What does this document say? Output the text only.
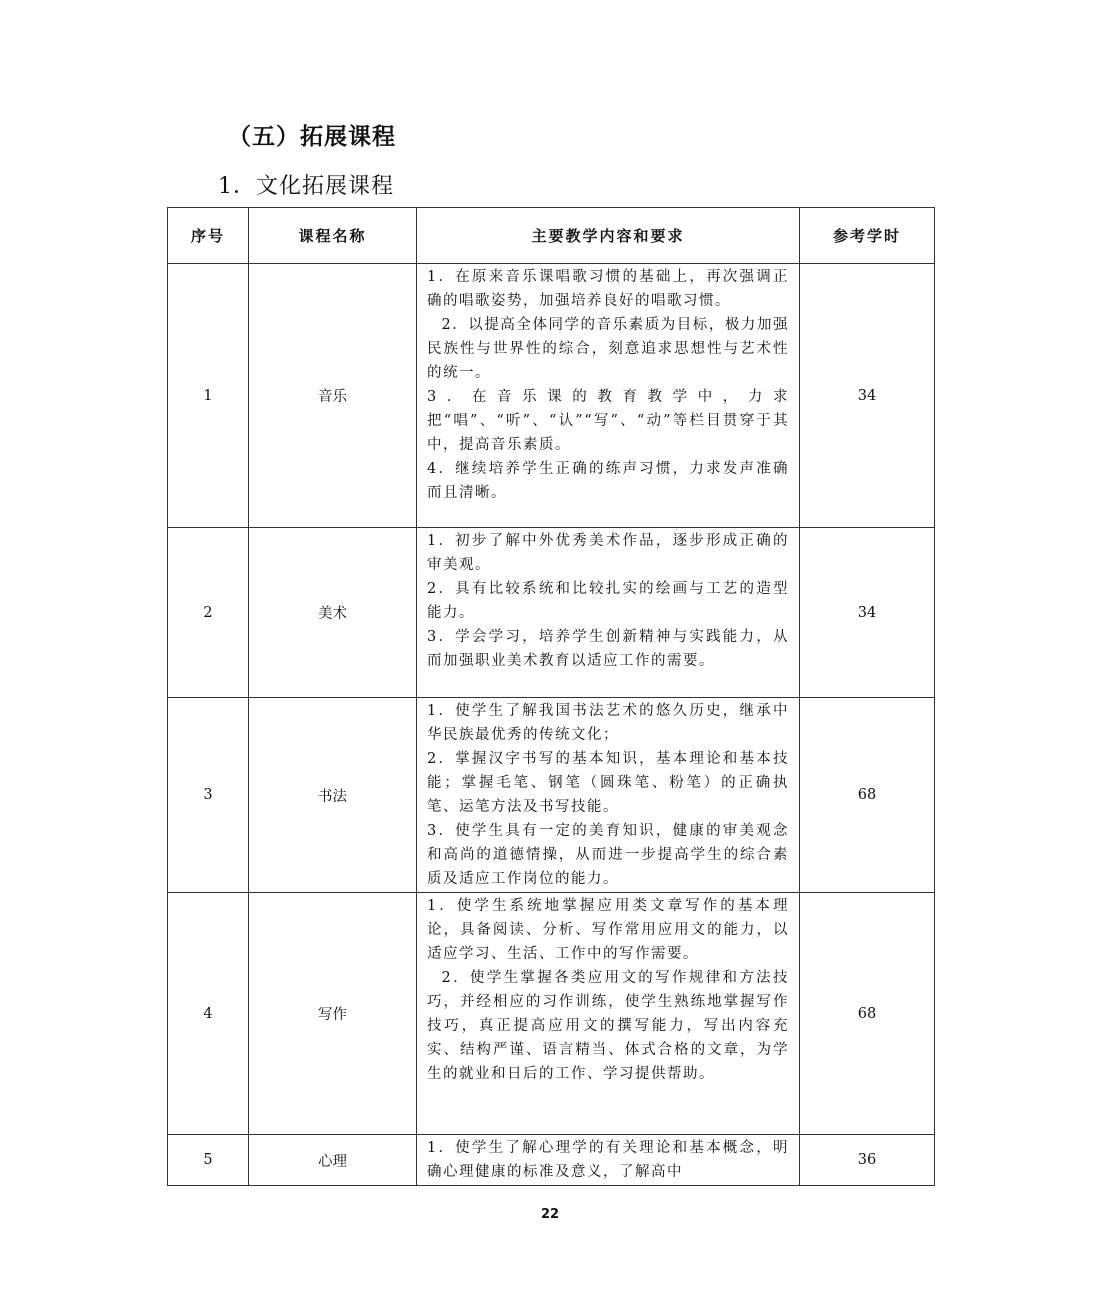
（五）拓展课程
1．文化拓展课程
序号	课程名称	主要教学内容和要求	参考学时
1	音乐	1．在原来音乐课唱歌习惯的基础上，再次强调正确的唱歌姿势，加强培养良好的唱歌习惯。

2．以提高全体同学的音乐素质为目标，极力加强民族性与世界性的综合，刻意追求思想性与艺术性的统一。

3．在音乐课的教育教学中，力求把“唱”、“听”、“认”“写”、“动”等栏目贯穿于其中，提高音乐素质。

4．继续培养学生正确的练声习惯，力求发声准确而且清晰。	34
2	美术	1．初步了解中外优秀美术作品，逐步形成正确的审美观。

2．具有比较系统和比较扎实的绘画与工艺的造型能力。

3．学会学习，培养学生创新精神与实践能力，从而加强职业美术教育以适应工作的需要。	34
3	书法	1．使学生了解我国书法艺术的悠久历史，继承中华民族最优秀的传统文化；

2．掌握汉字书写的基本知识，基本理论和基本技能；掌握毛笔、钢笔（圆珠笔、粉笔）的正确执笔、运笔方法及书写技能。

3．使学生具有一定的美育知识，健康的审美观念和高尚的道德情操，从而进一步提高学生的综合素质及适应工作岗位的能力。	68
4	写作	1．使学生系统地掌握应用类文章写作的基本理论，具备阅读、分析、写作常用应用文的能力，以适应学习、生活、工作中的写作需要。

2．使学生掌握各类应用文的写作规律和方法技巧，并经相应的习作训练，使学生熟练地掌握写作技巧，真正提高应用文的撰写能力，写出内容充实、结构严谨、语言精当、体式合格的文章，为学生的就业和日后的工作、学习提供帮助。	68
5	心理	1．使学生了解心理学的有关理论和基本概念，明确心理健康的标准及意义，了解高中	36
22
